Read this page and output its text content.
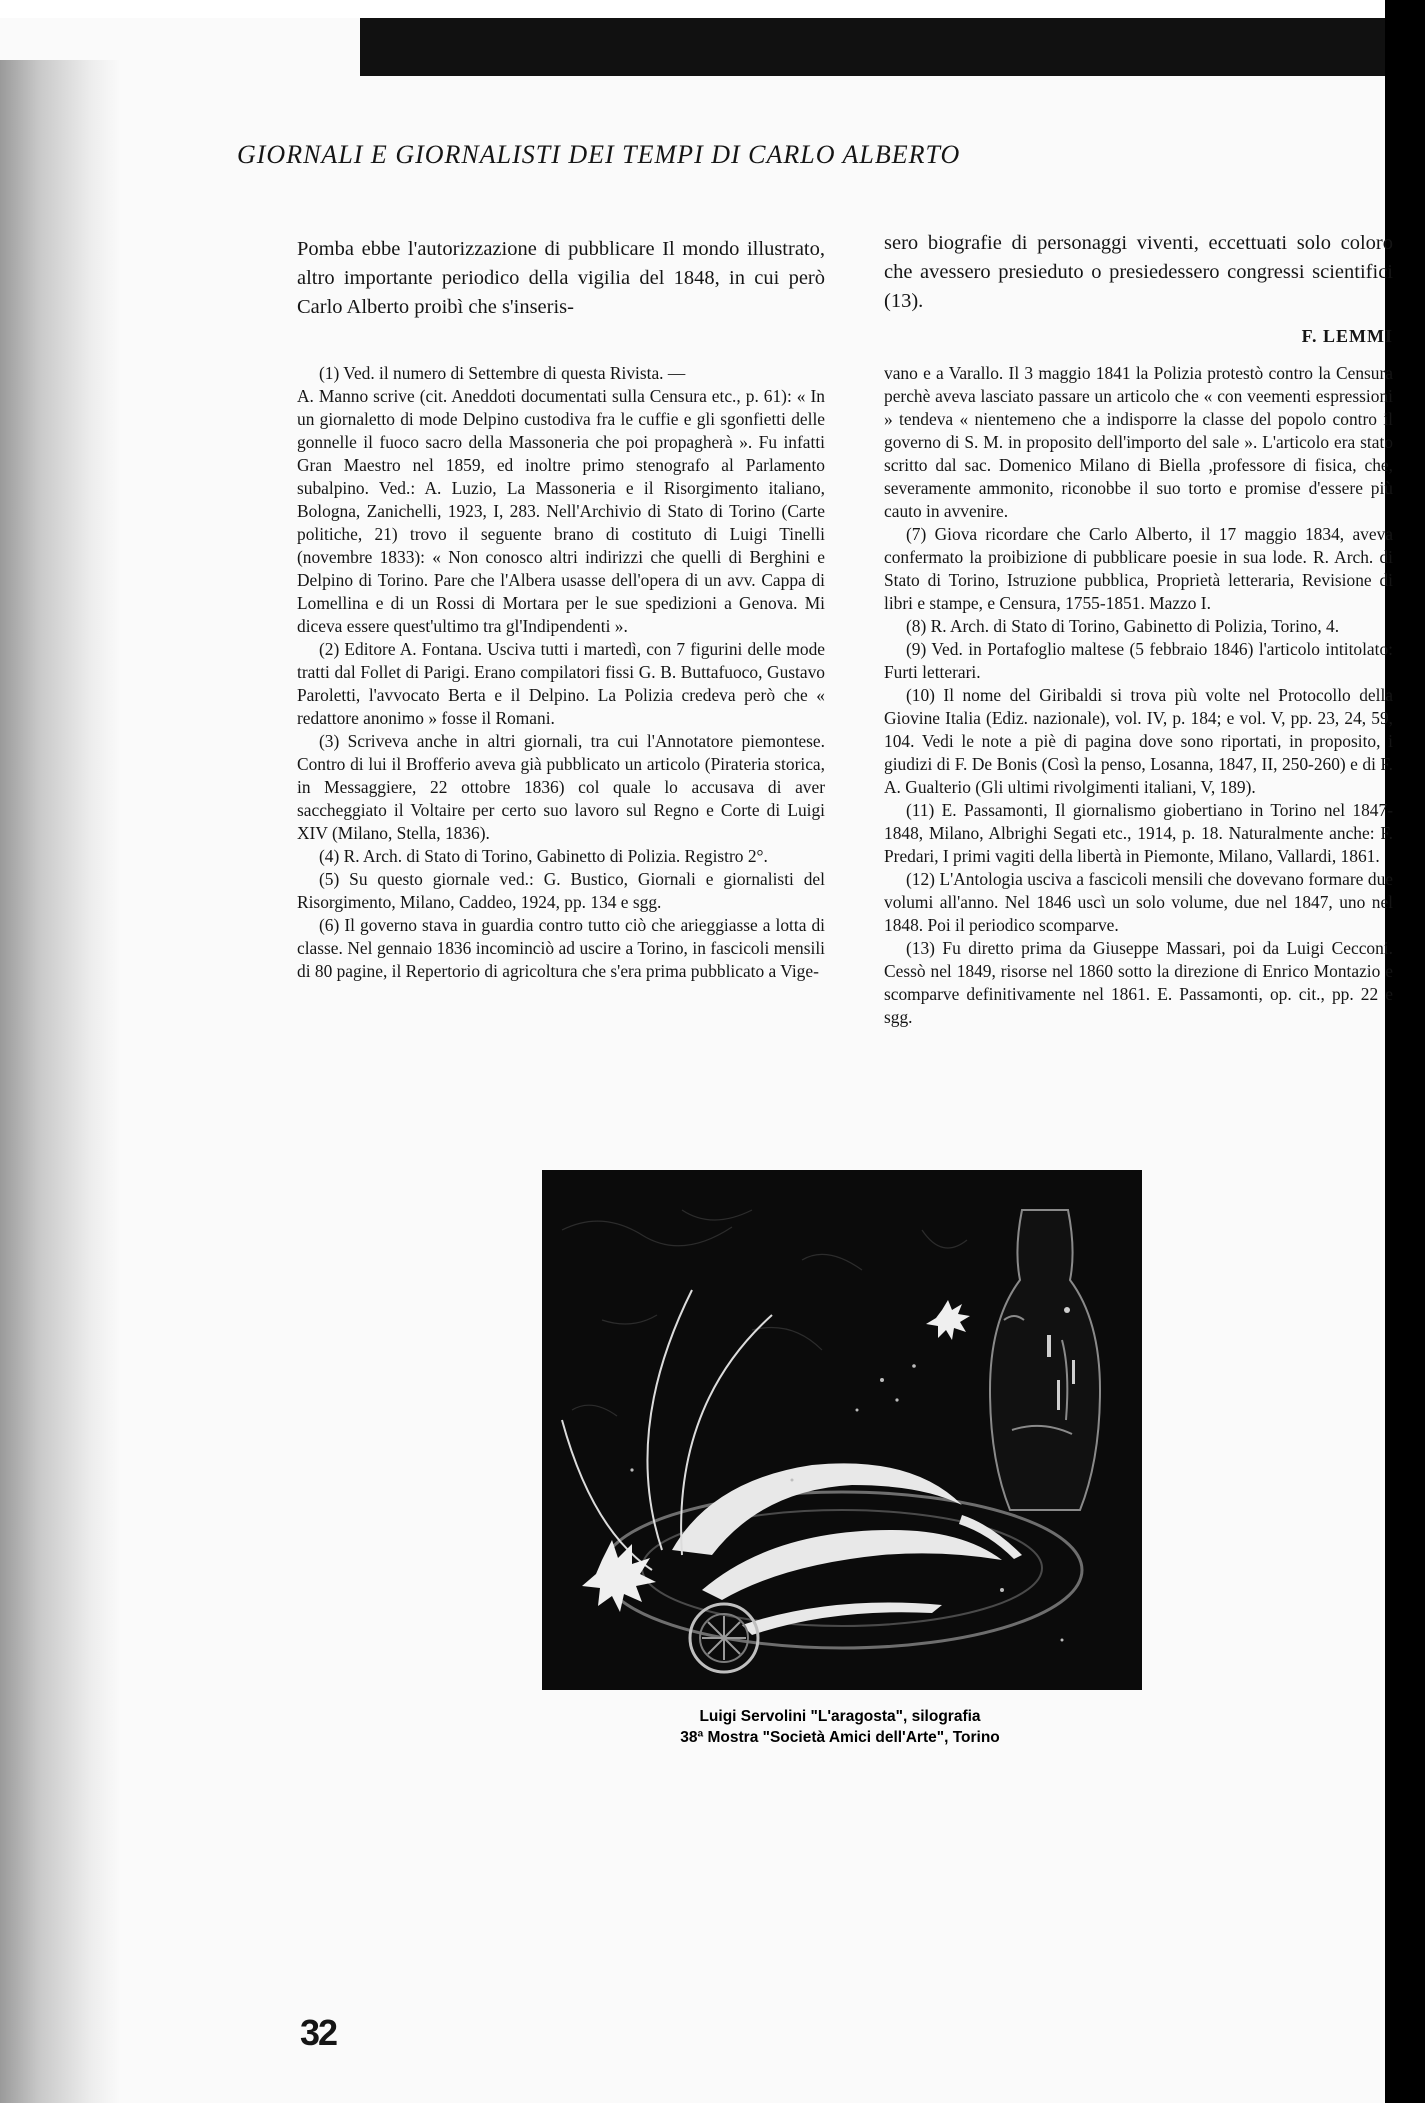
GIORNALI E GIORNALISTI DEI TEMPI DI CARLO ALBERTO

Pomba ebbe l'autorizzazione di pubblicare Il mondo illustrato, altro importante periodico della vigilia del 1848, in cui però Carlo Alberto proibì che s'inseris-

sero biografie di personaggi viventi, eccettuati solo coloro che avessero presieduto o presiedessero congressi scientifici (13).

F. LEMMI

(1) Ved. il numero di Settembre di questa Rivista. —

A. Manno scrive (cit. Aneddoti documentati sulla Censura etc., p. 61): « In un giornaletto di mode Delpino custodiva fra le cuffie e gli sgonfietti delle gonnelle il fuoco sacro della Massoneria che poi propagherà ». Fu infatti Gran Maestro nel 1859, ed inoltre primo stenografo al Parlamento subalpino. Ved.: A. Luzio, La Massoneria e il Risorgimento italiano, Bologna, Zanichelli, 1923, I, 283. Nell'Archivio di Stato di Torino (Carte politiche, 21) trovo il seguente brano di costituto di Luigi Tinelli (novembre 1833): « Non conosco altri indirizzi che quelli di Berghini e Delpino di Torino. Pare che l'Albera usasse dell'opera di un avv. Cappa di Lomellina e di un Rossi di Mortara per le sue spedizioni a Genova. Mi diceva essere quest'ultimo tra gl'Indipendenti ».

(2) Editore A. Fontana. Usciva tutti i martedì, con 7 figurini delle mode tratti dal Follet di Parigi. Erano compilatori fissi G. B. Buttafuoco, Gustavo Paroletti, l'avvocato Berta e il Delpino. La Polizia credeva però che « redattore anonimo » fosse il Romani.

(3) Scriveva anche in altri giornali, tra cui l'Annotatore piemontese. Contro di lui il Brofferio aveva già pubblicato un articolo (Pirateria storica, in Messaggiere, 22 ottobre 1836) col quale lo accusava di aver saccheggiato il Voltaire per certo suo lavoro sul Regno e Corte di Luigi XIV (Milano, Stella, 1836).

(4) R. Arch. di Stato di Torino, Gabinetto di Polizia. Registro 2°.

(5) Su questo giornale ved.: G. Bustico, Giornali e giornalisti del Risorgimento, Milano, Caddeo, 1924, pp. 134 e sgg.

(6) Il governo stava in guardia contro tutto ciò che arieggiasse a lotta di classe. Nel gennaio 1836 incominciò ad uscire a Torino, in fascicoli mensili di 80 pagine, il Repertorio di agricoltura che s'era prima pubblicato a Vige-

vano e a Varallo. Il 3 maggio 1841 la Polizia protestò contro la Censura perchè aveva lasciato passare un articolo che « con veementi espressioni » tendeva « nientemeno che a indisporre la classe del popolo contro il governo di S. M. in proposito dell'importo del sale ». L'articolo era stato scritto dal sac. Domenico Milano di Biella ,professore di fisica, che, severamente ammonito, riconobbe il suo torto e promise d'essere più cauto in avvenire.

(7) Giova ricordare che Carlo Alberto, il 17 maggio 1834, aveva confermato la proibizione di pubblicare poesie in sua lode. R. Arch. di Stato di Torino, Istruzione pubblica, Proprietà letteraria, Revisione di libri e stampe, e Censura, 1755-1851. Mazzo I.

(8) R. Arch. di Stato di Torino, Gabinetto di Polizia, Torino, 4.

(9) Ved. in Portafoglio maltese (5 febbraio 1846) l'articolo intitolato: Furti letterari.

(10) Il nome del Giribaldi si trova più volte nel Protocollo della Giovine Italia (Ediz. nazionale), vol. IV, p. 184; e vol. V, pp. 23, 24, 59, 104. Vedi le note a piè di pagina dove sono riportati, in proposito, i giudizi di F. De Bonis (Così la penso, Losanna, 1847, II, 250-260) e di F. A. Gualterio (Gli ultimi rivolgimenti italiani, V, 189).

(11) E. Passamonti, Il giornalismo giobertiano in Torino nel 1847-1848, Milano, Albrighi Segati etc., 1914, p. 18. Naturalmente anche: F. Predari, I primi vagiti della libertà in Piemonte, Milano, Vallardi, 1861.

(12) L'Antologia usciva a fascicoli mensili che dovevano formare due volumi all'anno. Nel 1846 uscì un solo volume, due nel 1847, uno nel 1848. Poi il periodico scomparve.

(13) Fu diretto prima da Giuseppe Massari, poi da Luigi Cecconi. Cessò nel 1849, risorse nel 1860 sotto la direzione di Enrico Montazio e scomparve definitivamente nel 1861. E. Passamonti, op. cit., pp. 22 e sgg.

Luigi Servolini "L'aragosta", silografia
38ª Mostra "Società Amici dell'Arte", Torino
32
